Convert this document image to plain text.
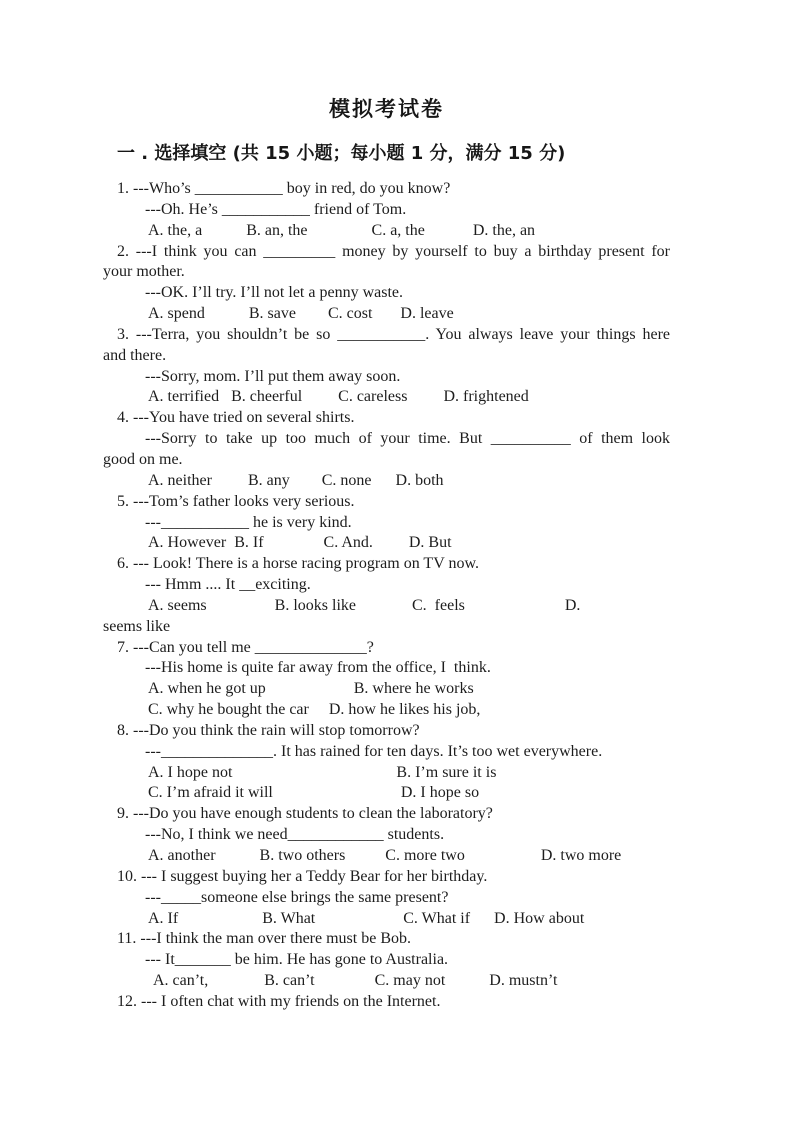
模拟考试卷
一 . 选择填空 (共 15 小题；每小题 1 分，满分 15 分)

1. ---Who’s ___________ boy in red, do you know?

---Oh. He’s ___________ friend of Tom.

A. the, a           B. an, the                C. a, the            D. the, an

2. ---I think you can _________ money by yourself to buy a birthday present for

your mother.

---OK. I’ll try. I’ll not let a penny waste.

A. spend           B. save        C. cost       D. leave

3. ---Terra, you shouldn’t be so ___________. You always leave your things here

and there.

---Sorry, mom. I’ll put them away soon.

A. terrified   B. cheerful         C. careless         D. frightened

4. ---You have tried on several shirts.

---Sorry to take up too much of your time. But __________ of them look

good on me.

A. neither         B. any        C. none      D. both

5. ---Tom’s father looks very serious.

---___________ he is very kind.

A. However  B. If               C. And.         D. But

6. --- Look! There is a horse racing program on TV now.

--- Hmm .... It __exciting.

A. seems                 B. looks like              C.  feels                         D.

seems like

7. ---Can you tell me ______________?

---His home is quite far away from the office, I  think.

A. when he got up                      B. where he works

C. why he bought the car     D. how he likes his job,

8. ---Do you think the rain will stop tomorrow?

---______________. It has rained for ten days. It’s too wet everywhere.

A. I hope not                                         B. I’m sure it is

C. I’m afraid it will                                D. I hope so

9. ---Do you have enough students to clean the laboratory?

---No, I think we need____________ students.

A. another           B. two others          C. more two                   D. two more

10. --- I suggest buying her a Teddy Bear for her birthday.

---_____someone else brings the same present?

A. If                     B. What                      C. What if      D. How about

11. ---I think the man over there must be Bob.

--- It_______ be him. He has gone to Australia.

A. can’t,              B. can’t               C. may not           D. mustn’t

12. --- I often chat with my friends on the Internet.
